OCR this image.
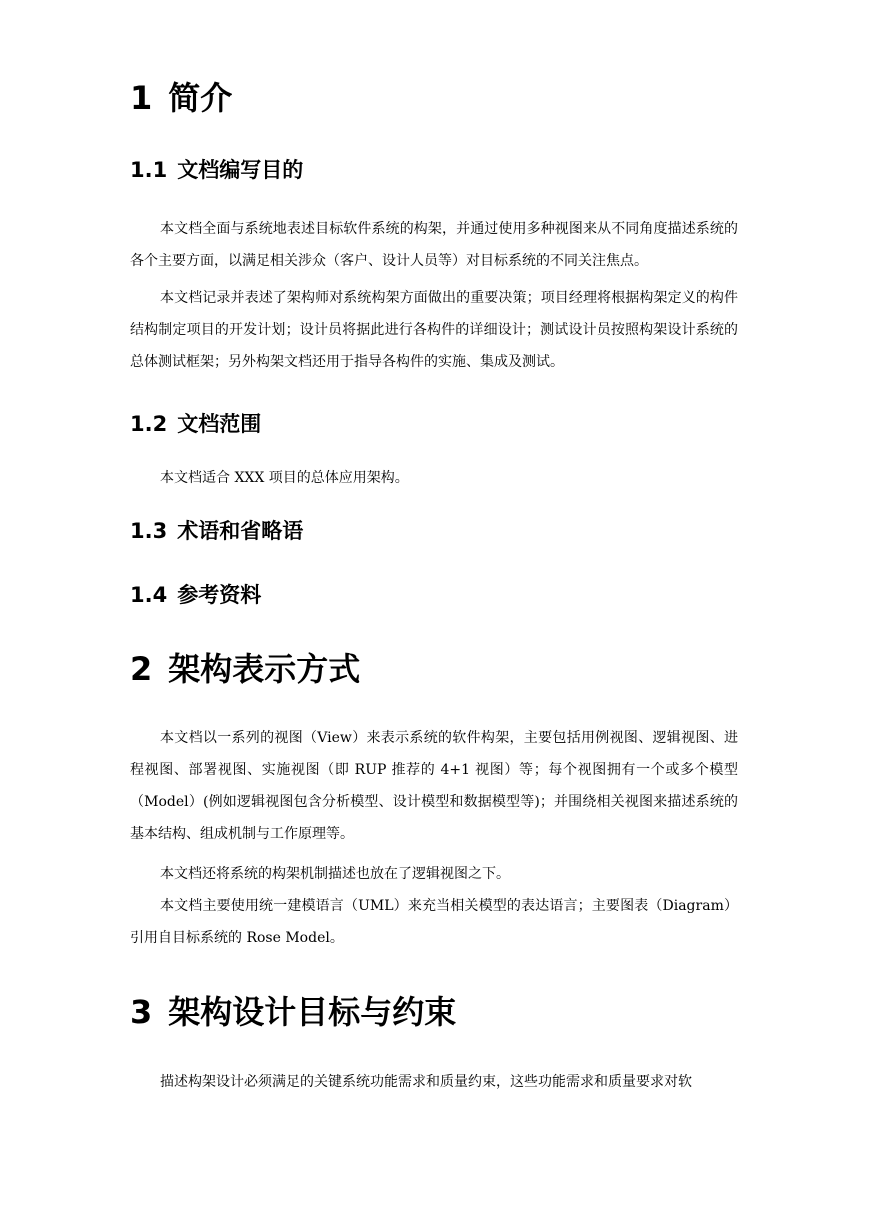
1 简介
1.1 文档编写目的

本文档全面与系统地表述目标软件系统的构架，并通过使用多种视图来从不同角度描述系统的各个主要方面，以满足相关涉众（客户、设计人员等）对目标系统的不同关注焦点。

本文档记录并表述了架构师对系统构架方面做出的重要决策；项目经理将根据构架定义的构件结构制定项目的开发计划；设计员将据此进行各构件的详细设计；测试设计员按照构架设计系统的总体测试框架；另外构架文档还用于指导各构件的实施、集成及测试。

1.2 文档范围

本文档适合 XXX 项目的总体应用架构。

1.3 术语和省略语
1.4 参考资料
2 架构表示方式

本文档以一系列的视图（View）来表示系统的软件构架，主要包括用例视图、逻辑视图、进程视图、部署视图、实施视图（即 RUP 推荐的 4+1 视图）等；每个视图拥有一个或多个模型（Model）(例如逻辑视图包含分析模型、设计模型和数据模型等)；并围绕相关视图来描述系统的基本结构、组成机制与工作原理等。

本文档还将系统的构架机制描述也放在了逻辑视图之下。

本文档主要使用统一建模语言（UML）来充当相关模型的表达语言；主要图表（Diagram）引用自目标系统的 Rose Model。

3 架构设计目标与约束

描述构架设计必须满足的关键系统功能需求和质量约束，这些功能需求和质量要求对软
